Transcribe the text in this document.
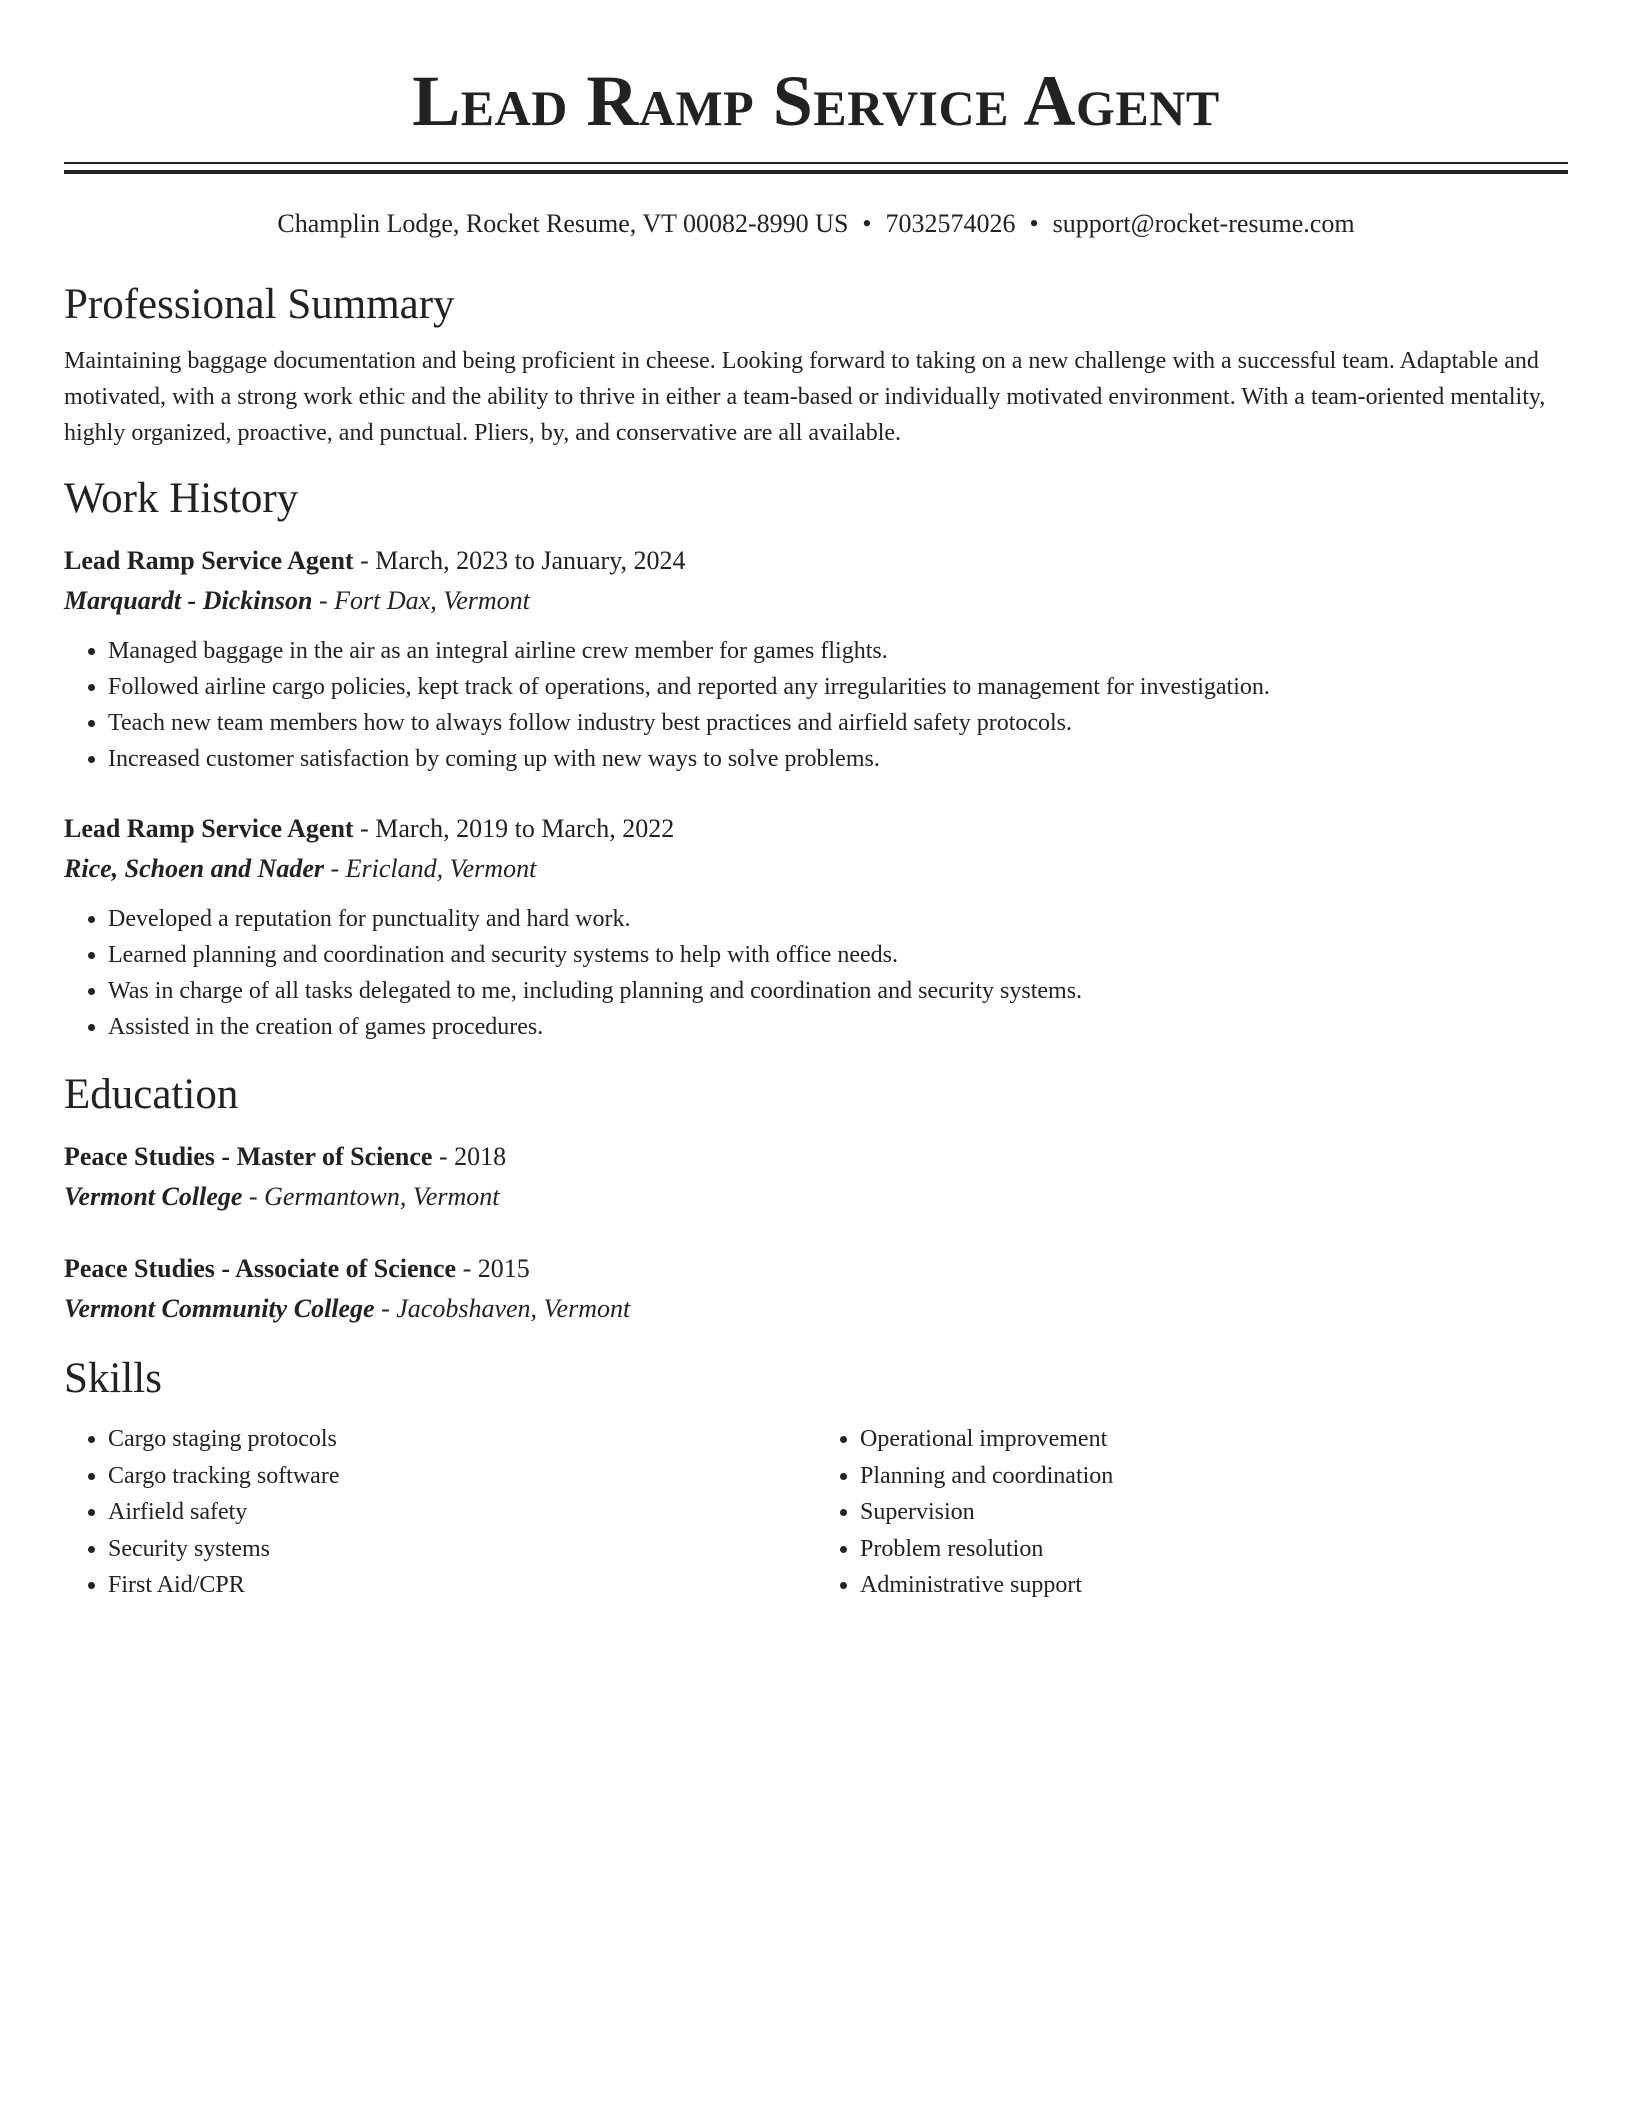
Lead Ramp Service Agent
Champlin Lodge, Rocket Resume, VT 00082-8990 US • 7032574026 • support@rocket-resume.com
Professional Summary

Maintaining baggage documentation and being proficient in cheese. Looking forward to taking on a new challenge with a successful team. Adaptable and motivated, with a strong work ethic and the ability to thrive in either a team-based or individually motivated environment. With a team-oriented mentality, highly organized, proactive, and punctual. Pliers, by, and conservative are all available.

Work History
Lead Ramp Service Agent - March, 2023 to January, 2024
Marquardt - Dickinson - Fort Dax, Vermont
• Managed baggage in the air as an integral airline crew member for games flights.
• Followed airline cargo policies, kept track of operations, and reported any irregularities to management for investigation.
• Teach new team members how to always follow industry best practices and airfield safety protocols.
• Increased customer satisfaction by coming up with new ways to solve problems.
Lead Ramp Service Agent - March, 2019 to March, 2022
Rice, Schoen and Nader - Ericland, Vermont
• Developed a reputation for punctuality and hard work.
• Learned planning and coordination and security systems to help with office needs.
• Was in charge of all tasks delegated to me, including planning and coordination and security systems.
• Assisted in the creation of games procedures.
Education
Peace Studies - Master of Science - 2018
Vermont College - Germantown, Vermont
Peace Studies - Associate of Science - 2015
Vermont Community College - Jacobshaven, Vermont
Skills
• Cargo staging protocols
• Cargo tracking software
• Airfield safety
• Security systems
• First Aid/CPR
• Operational improvement
• Planning and coordination
• Supervision
• Problem resolution
• Administrative support
